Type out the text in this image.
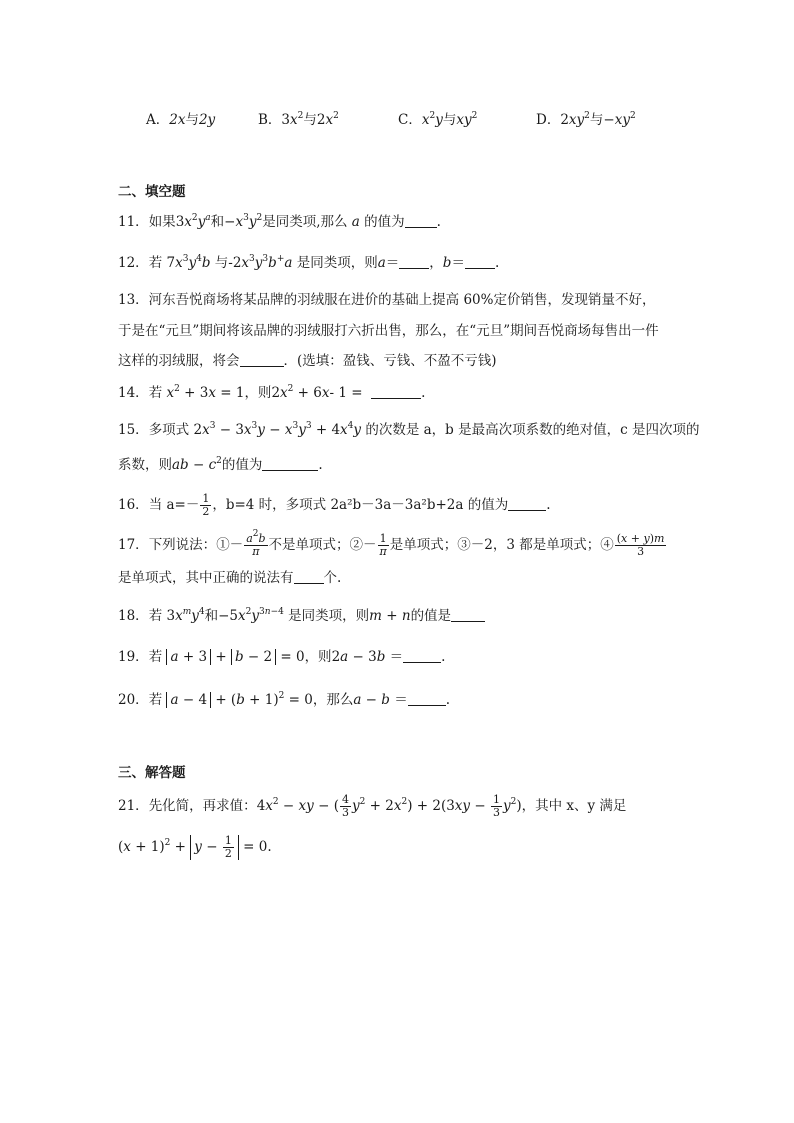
A．2x与2y	B．$3x^2$与$2x^2$	C．$x^2y$与$xy^2$	D．$2xy^2$与$-xy^2$
二、填空题
11．如果$3x^2y^a$和$-x^3y^2$是同类项,那么 a 的值为 .
12．若 $7x^3y^4b$ 与$-2x^3y^3b^+a$ 是同类项，则a＝ ，b＝ .
13．河东吾悦商场将某品牌的羽绒服在进价的基础上提高 60%定价销售，发现销量不好，
于是在“元旦”期间将该品牌的羽绒服打六折出售，那么，在“元旦”期间吾悦商场每售出一件
这样的羽绒服，将会	．(选填：盈钱、亏钱、不盈不亏钱)
14．若 $x^2 + 3x = 1$，则$2x^2 + 6x-$ 1 =	.
15．多项式 $2x^3 - 3x^3y - x^3y^3 + 4x^4y$ 的次数是 a，b 是最高次项系数的绝对值，c 是四次项的
系数，则ab − $c^2$的值为	.
16．当 $a=- \frac{1}{2}$ ，b=4 时，多项式 2a²b－3a－3a²b+2a 的值为	.
17．下列说法：①－ $\frac{a^2b}{\pi}$ 不是单项式；②－ $\frac{1}{\pi}$ 是单项式；③－2，3 都是单项式；④ $\frac{(x + y)m}{3}$
是单项式，其中正确的说法有 个.
18．若 $3x^my^4$和$-5x^2y^{3n-4}$ 是同类项，则m + n的值是
19．若 a + 3 + b − 2 = 0，则2a − 3b ＝	.
20．若 $a - 4 + (b + 1)^2 = 0$，那么a − b ＝	.
三、解答题
21．先化简，再求值：$4x^2$ − xy − ( $\frac{4}{3} y^2 + 2x^2) + 2(3xy - \frac{1}{3} y^2)$，其中 x、y 满足
$(x + 1)^2 + y - \frac{1}{2} = 0$.
